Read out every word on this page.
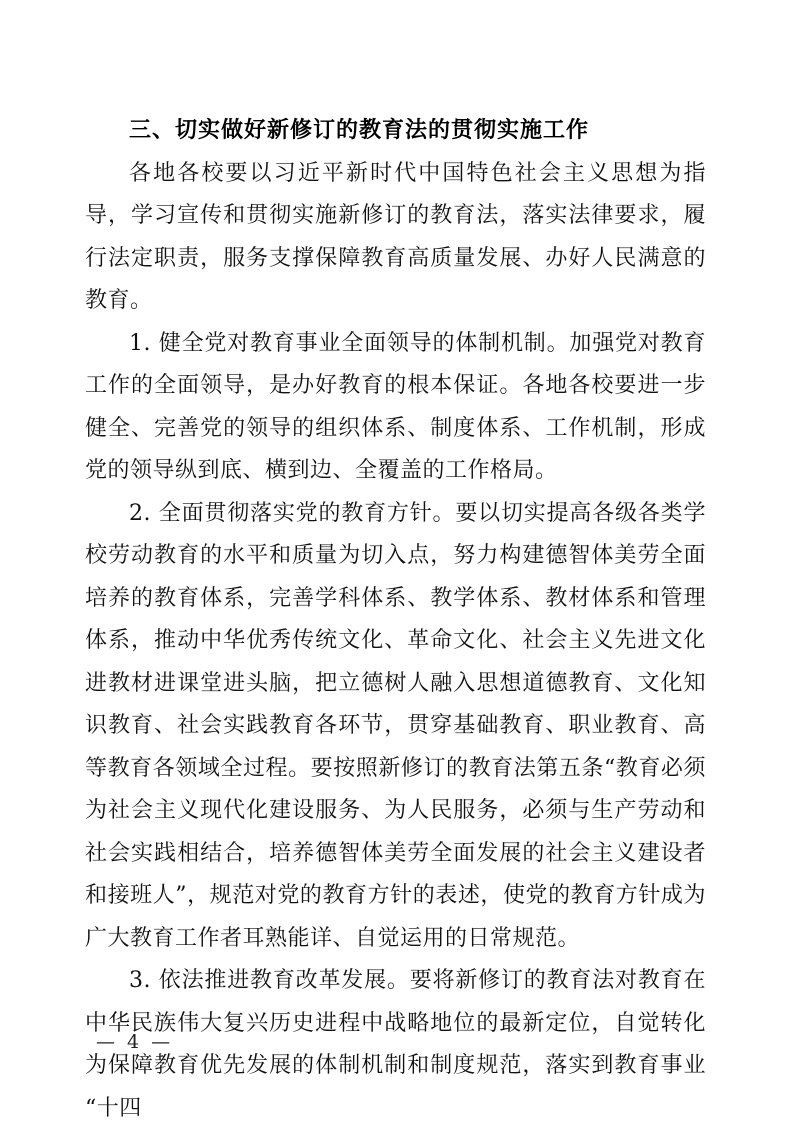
三、切实做好新修订的教育法的贯彻实施工作

各地各校要以习近平新时代中国特色社会主义思想为指导，学习宣传和贯彻实施新修订的教育法，落实法律要求，履行法定职责，服务支撑保障教育高质量发展、办好人民满意的教育。

1. 健全党对教育事业全面领导的体制机制。加强党对教育工作的全面领导，是办好教育的根本保证。各地各校要进一步健全、完善党的领导的组织体系、制度体系、工作机制，形成党的领导纵到底、横到边、全覆盖的工作格局。

2. 全面贯彻落实党的教育方针。要以切实提高各级各类学校劳动教育的水平和质量为切入点，努力构建德智体美劳全面培养的教育体系，完善学科体系、教学体系、教材体系和管理体系，推动中华优秀传统文化、革命文化、社会主义先进文化进教材进课堂进头脑，把立德树人融入思想道德教育、文化知识教育、社会实践教育各环节，贯穿基础教育、职业教育、高等教育各领域全过程。要按照新修订的教育法第五条“教育必须为社会主义现代化建设服务、为人民服务，必须与生产劳动和社会实践相结合，培养德智体美劳全面发展的社会主义建设者和接班人”，规范对党的教育方针的表述，使党的教育方针成为广大教育工作者耳熟能详、自觉运用的日常规范。

3. 依法推进教育改革发展。要将新修订的教育法对教育在中华民族伟大复兴历史进程中战略地位的最新定位，自觉转化为保障教育优先发展的体制机制和制度规范，落实到教育事业“十四

— 4 —
